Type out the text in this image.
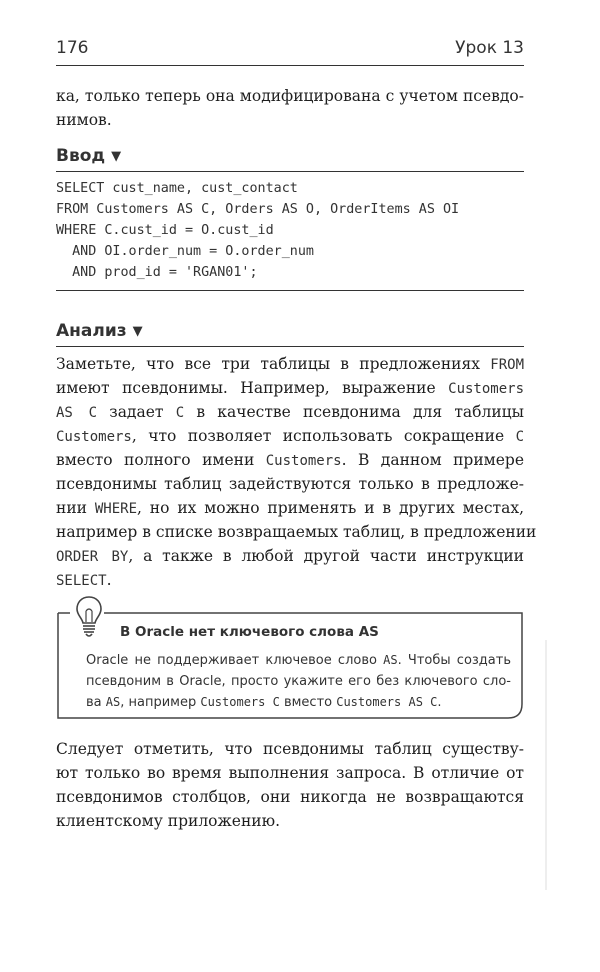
176	Урок 13
ка, только теперь она модифицирована с учетом псевдо-
нимов.
Ввод ▼
SELECT cust_name, cust_contact
FROM Customers AS C, Orders AS O, OrderItems AS OI
WHERE C.cust_id = O.cust_id
AND OI.order_num = O.order_num
AND prod_id = 'RGAN01';
Анализ ▼
Заметьте, что все три таблицы в предложениях FROM
имеют псевдонимы. Например, выражение Customers
AS C задает C в качестве псевдонима для таблицы
Customers, что позволяет использовать сокращение C
вместо полного имени Customers. В данном примере
псевдонимы таблиц задействуются только в предложе-
нии WHERE, но их можно применять и в других местах,
например в списке возвращаемых таблиц, в предложении
ORDER BY, а также в любой другой части инструкции
SELECT.
В Oracle нет ключевого слова AS
Oracle не поддерживает ключевое слово AS. Чтобы создать
псевдоним в Oracle, просто укажите его без ключевого сло-
ва AS, например Customers C вместо Customers AS C.
Следует отметить, что псевдонимы таблиц существу-
ют только во время выполнения запроса. В отличие от
псевдонимов столбцов, они никогда не возвращаются
клиентскому приложению.
